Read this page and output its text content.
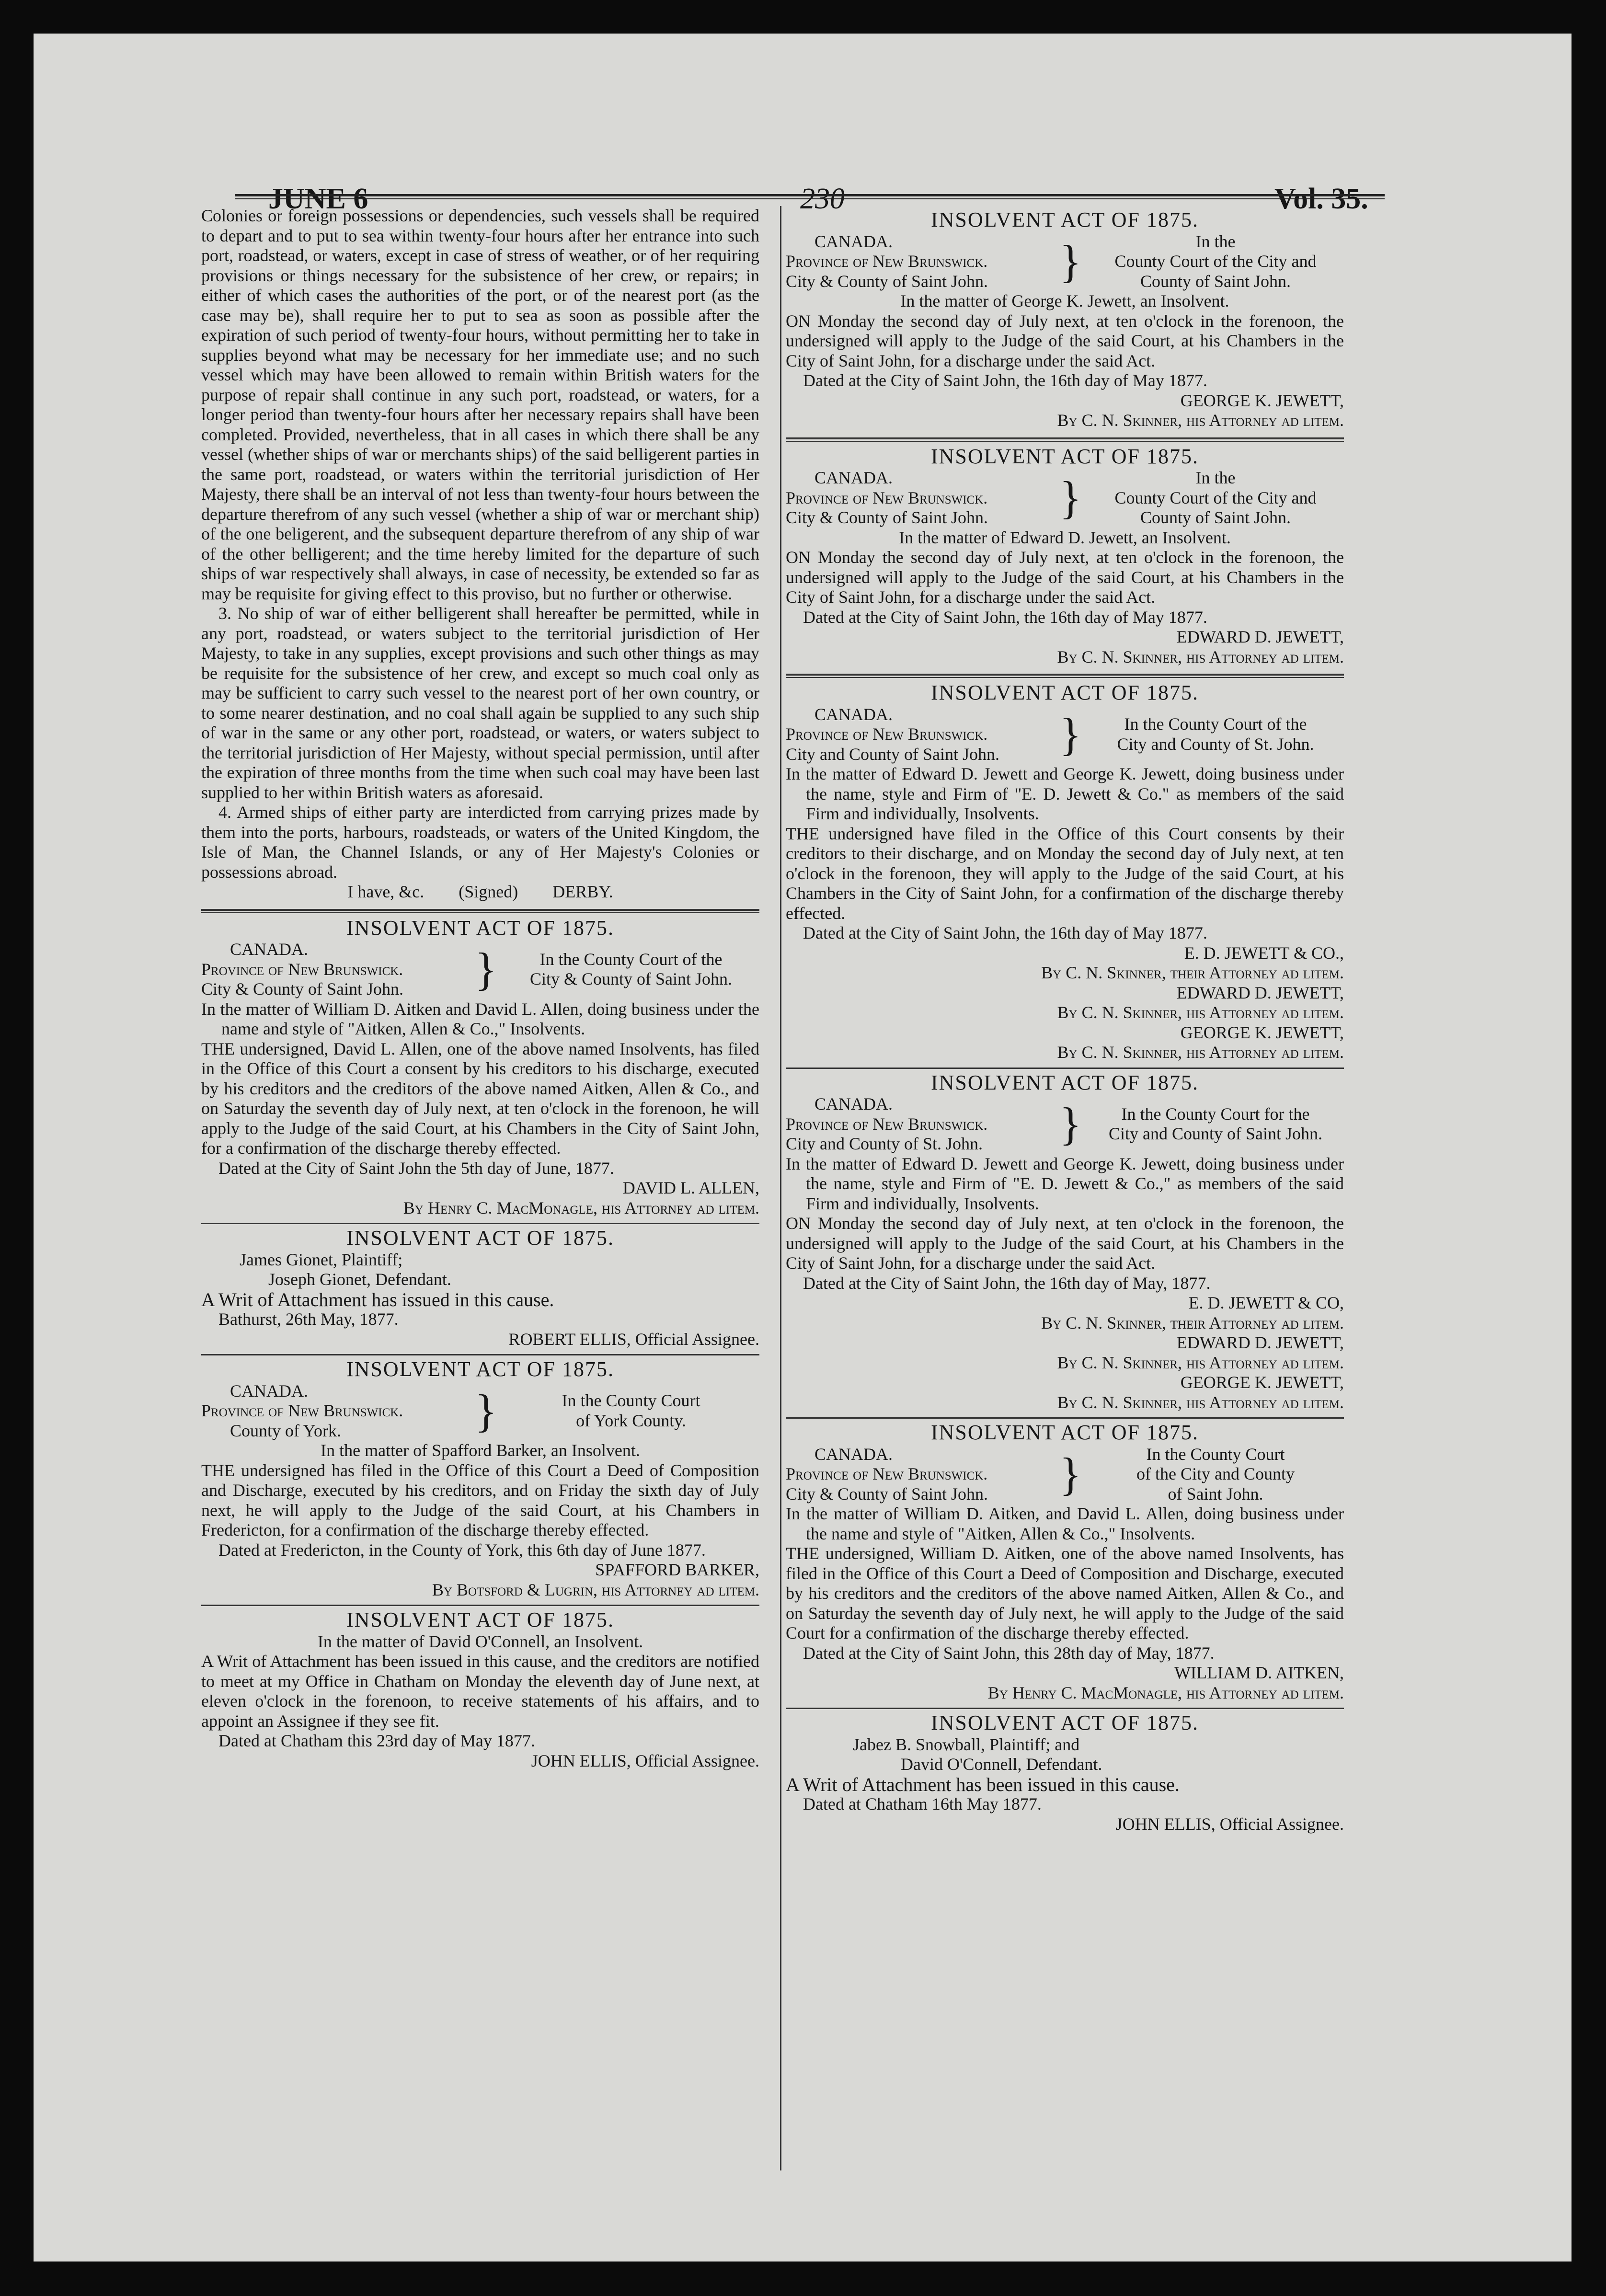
JUNE 6	230	Vol. 35.

Colonies or foreign possessions or dependencies, such vessels shall be required to depart and to put to sea within twenty-four hours after her entrance into such port, roadstead, or waters, except in case of stress of weather, or of her requiring provisions or things necessary for the subsistence of her crew, or repairs; in either of which cases the authorities of the port, or of the nearest port (as the case may be), shall require her to put to sea as soon as possible after the expiration of such period of twenty-four hours, without permitting her to take in supplies beyond what may be necessary for her immediate use; and no such vessel which may have been allowed to remain within British waters for the purpose of repair shall continue in any such port, roadstead, or waters, for a longer period than twenty-four hours after her necessary repairs shall have been completed. Provided, nevertheless, that in all cases in which there shall be any vessel (whether ships of war or merchants ships) of the said belligerent parties in the same port, roadstead, or waters within the territorial jurisdiction of Her Majesty, there shall be an interval of not less than twenty-four hours between the departure therefrom of any such vessel (whether a ship of war or merchant ship) of the one beligerent, and the subsequent departure therefrom of any ship of war of the other belligerent; and the time hereby limited for the departure of such ships of war respectively shall always, in case of necessity, be extended so far as may be requisite for giving effect to this proviso, but no further or otherwise.

3. No ship of war of either belligerent shall hereafter be permitted, while in any port, roadstead, or waters subject to the territorial jurisdiction of Her Majesty, to take in any supplies, except provisions and such other things as may be requisite for the subsistence of her crew, and except so much coal only as may be sufficient to carry such vessel to the nearest port of her own country, or to some nearer destination, and no coal shall again be supplied to any such ship of war in the same or any other port, roadstead, or waters, or waters subject to the territorial jurisdiction of Her Majesty, without special permission, until after the expiration of three months from the time when such coal may have been last supplied to her within British waters as aforesaid.

4. Armed ships of either party are interdicted from carrying prizes made by them into the ports, harbours, roadsteads, or waters of the United Kingdom, the Isle of Man, the Channel Islands, or any of Her Majesty's Colonies or possessions abroad.

I have, &c.        (Signed)        DERBY.

INSOLVENT ACT OF 1875.
CANADA.
Province of New Brunswick.
City & County of Saint John.	}	In the County Court of the
City & County of Saint John.

In the matter of William D. Aitken and David L. Allen, doing business under the name and style of "Aitken, Allen & Co.," Insolvents.

THE undersigned, David L. Allen, one of the above named Insolvents, has filed in the Office of this Court a consent by his creditors to his discharge, executed by his creditors and the creditors of the above named Aitken, Allen & Co., and on Saturday the seventh day of July next, at ten o'clock in the forenoon, he will apply to the Judge of the said Court, at his Chambers in the City of Saint John, for a confirmation of the discharge thereby effected.

Dated at the City of Saint John the 5th day of June, 1877.

DAVID L. ALLEN,

By Henry C. MacMonagle, his Attorney ad litem.

INSOLVENT ACT OF 1875.

James Gionet, Plaintiff;

Joseph Gionet, Defendant.

A Writ of Attachment has issued in this cause.

Bathurst, 26th May, 1877.

ROBERT ELLIS, Official Assignee.

INSOLVENT ACT OF 1875.
CANADA.
Province of New Brunswick.
County of York.	}	In the County Court
of York County.

In the matter of Spafford Barker, an Insolvent.

THE undersigned has filed in the Office of this Court a Deed of Composition and Discharge, executed by his creditors, and on Friday the sixth day of July next, he will apply to the Judge of the said Court, at his Chambers in Fredericton, for a confirmation of the discharge thereby effected.

Dated at Fredericton, in the County of York, this 6th day of June 1877.

SPAFFORD BARKER,

By Botsford & Lugrin, his Attorney ad litem.

INSOLVENT ACT OF 1875.

In the matter of David O'Connell, an Insolvent.

A Writ of Attachment has been issued in this cause, and the creditors are notified to meet at my Office in Chatham on Monday the eleventh day of June next, at eleven o'clock in the forenoon, to receive statements of his affairs, and to appoint an Assignee if they see fit.

Dated at Chatham this 23rd day of May 1877.

JOHN ELLIS, Official Assignee.

INSOLVENT ACT OF 1875.
CANADA.
Province of New Brunswick.
City & County of Saint John.	}	In the
County Court of the City and
County of Saint John.

In the matter of George K. Jewett, an Insolvent.

ON Monday the second day of July next, at ten o'clock in the forenoon, the undersigned will apply to the Judge of the said Court, at his Chambers in the City of Saint John, for a discharge under the said Act.

Dated at the City of Saint John, the 16th day of May 1877.

GEORGE K. JEWETT,

By C. N. Skinner, his Attorney ad litem.

INSOLVENT ACT OF 1875.
CANADA.
Province of New Brunswick.
City & County of Saint John.	}	In the
County Court of the City and
County of Saint John.

In the matter of Edward D. Jewett, an Insolvent.

ON Monday the second day of July next, at ten o'clock in the forenoon, the undersigned will apply to the Judge of the said Court, at his Chambers in the City of Saint John, for a discharge under the said Act.

Dated at the City of Saint John, the 16th day of May 1877.

EDWARD D. JEWETT,

By C. N. Skinner, his Attorney ad litem.

INSOLVENT ACT OF 1875.
CANADA.
Province of New Brunswick.
City and County of Saint John.	}	In the County Court of the
City and County of St. John.

In the matter of Edward D. Jewett and George K. Jewett, doing business under the name, style and Firm of "E. D. Jewett & Co." as members of the said Firm and individually, Insolvents.

THE undersigned have filed in the Office of this Court consents by their creditors to their discharge, and on Monday the second day of July next, at ten o'clock in the forenoon, they will apply to the Judge of the said Court, at his Chambers in the City of Saint John, for a confirmation of the discharge thereby effected.

Dated at the City of Saint John, the 16th day of May 1877.

E. D. JEWETT & CO.,

By C. N. Skinner, their Attorney ad litem.

EDWARD D. JEWETT,

By C. N. Skinner, his Attorney ad litem.

GEORGE K. JEWETT,

By C. N. Skinner, his Attorney ad litem.

INSOLVENT ACT OF 1875.
CANADA.
Province of New Brunswick.
City and County of St. John.	}	In the County Court for the
City and County of Saint John.

In the matter of Edward D. Jewett and George K. Jewett, doing business under the name, style and Firm of "E. D. Jewett & Co.," as members of the said Firm and individually, Insolvents.

ON Monday the second day of July next, at ten o'clock in the forenoon, the undersigned will apply to the Judge of the said Court, at his Chambers in the City of Saint John, for a discharge under the said Act.

Dated at the City of Saint John, the 16th day of May, 1877.

E. D. JEWETT & CO,

By C. N. Skinner, their Attorney ad litem.

EDWARD D. JEWETT,

By C. N. Skinner, his Attorney ad litem.

GEORGE K. JEWETT,

By C. N. Skinner, his Attorney ad litem.

INSOLVENT ACT OF 1875.
CANADA.
Province of New Brunswick.
City & County of Saint John.	}	In the County Court
of the City and County
of Saint John.

In the matter of William D. Aitken, and David L. Allen, doing business under the name and style of "Aitken, Allen & Co.," Insolvents.

THE undersigned, William D. Aitken, one of the above named Insolvents, has filed in the Office of this Court a Deed of Composition and Discharge, executed by his creditors and the creditors of the above named Aitken, Allen & Co., and on Saturday the seventh day of July next, he will apply to the Judge of the said Court for a confirmation of the discharge thereby effected.

Dated at the City of Saint John, this 28th day of May, 1877.

WILLIAM D. AITKEN,

By Henry C. MacMonagle, his Attorney ad litem.

INSOLVENT ACT OF 1875.

Jabez B. Snowball, Plaintiff; and

David O'Connell, Defendant.

A Writ of Attachment has been issued in this cause.

Dated at Chatham 16th May 1877.

JOHN ELLIS, Official Assignee.
